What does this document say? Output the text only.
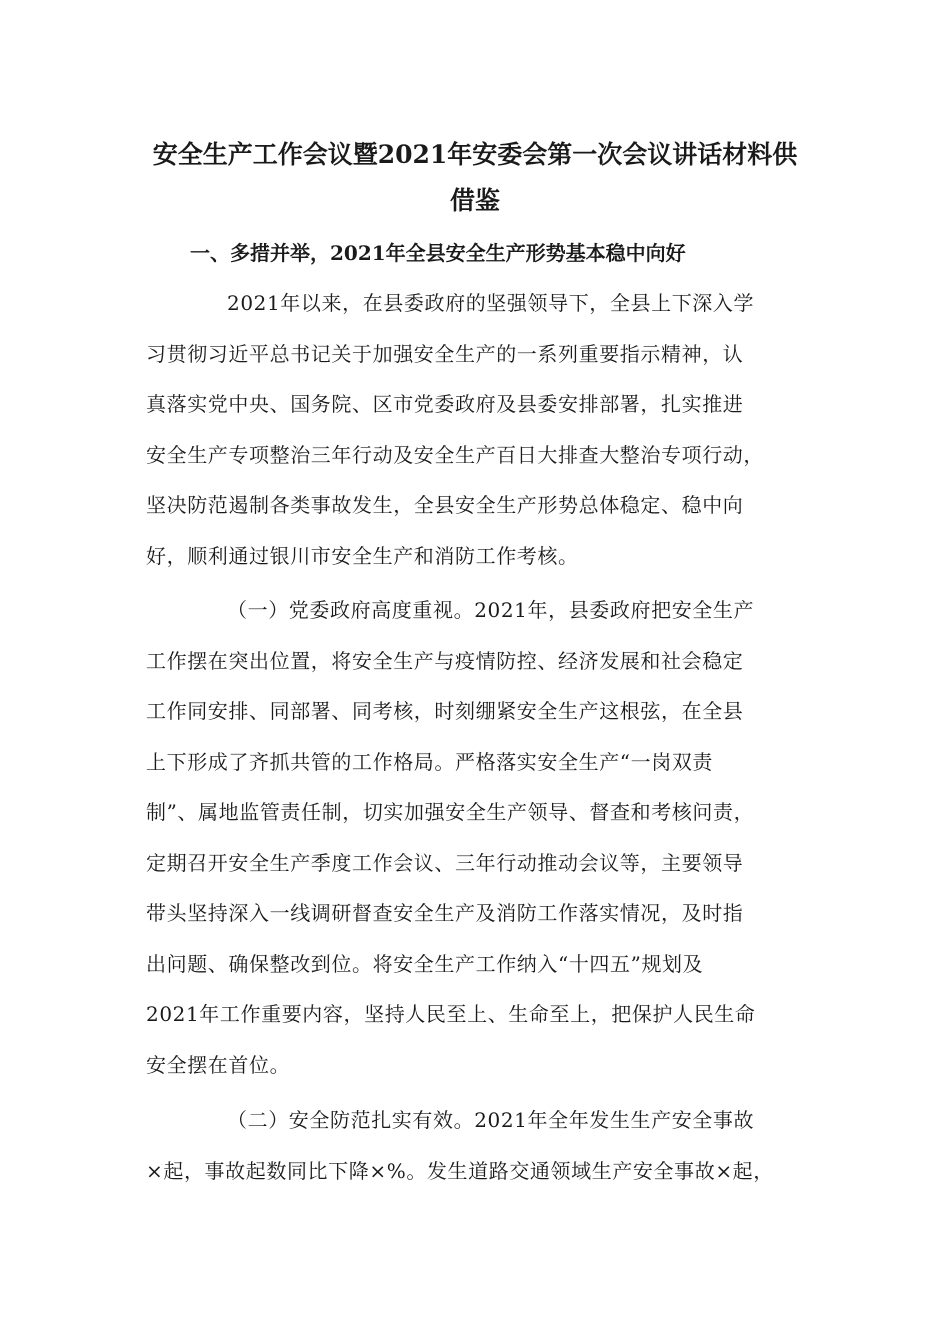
安全生产工作会议暨2021年安委会第一次会议讲话材料供
借鉴
一、多措并举，2021年全县安全生产形势基本稳中向好

2021年以来，在县委政府的坚强领导下，全县上下深入学

习贯彻习近平总书记关于加强安全生产的一系列重要指示精神，认

真落实党中央、国务院、区市党委政府及县委安排部署，扎实推进

安全生产专项整治三年行动及安全生产百日大排查大整治专项行动，

坚决防范遏制各类事故发生，全县安全生产形势总体稳定、稳中向

好，顺利通过银川市安全生产和消防工作考核。

（一）党委政府高度重视。2021年，县委政府把安全生产

工作摆在突出位置，将安全生产与疫情防控、经济发展和社会稳定

工作同安排、同部署、同考核，时刻绷紧安全生产这根弦，在全县

上下形成了齐抓共管的工作格局。严格落实安全生产“一岗双责

制”、属地监管责任制，切实加强安全生产领导、督查和考核问责，

定期召开安全生产季度工作会议、三年行动推动会议等，主要领导

带头坚持深入一线调研督查安全生产及消防工作落实情况，及时指

出问题、确保整改到位。将安全生产工作纳入“十四五”规划及

2021年工作重要内容，坚持人民至上、生命至上，把保护人民生命

安全摆在首位。

（二）安全防范扎实有效。2021年全年发生生产安全事故

×起，事故起数同比下降×%。发生道路交通领域生产安全事故×起，
